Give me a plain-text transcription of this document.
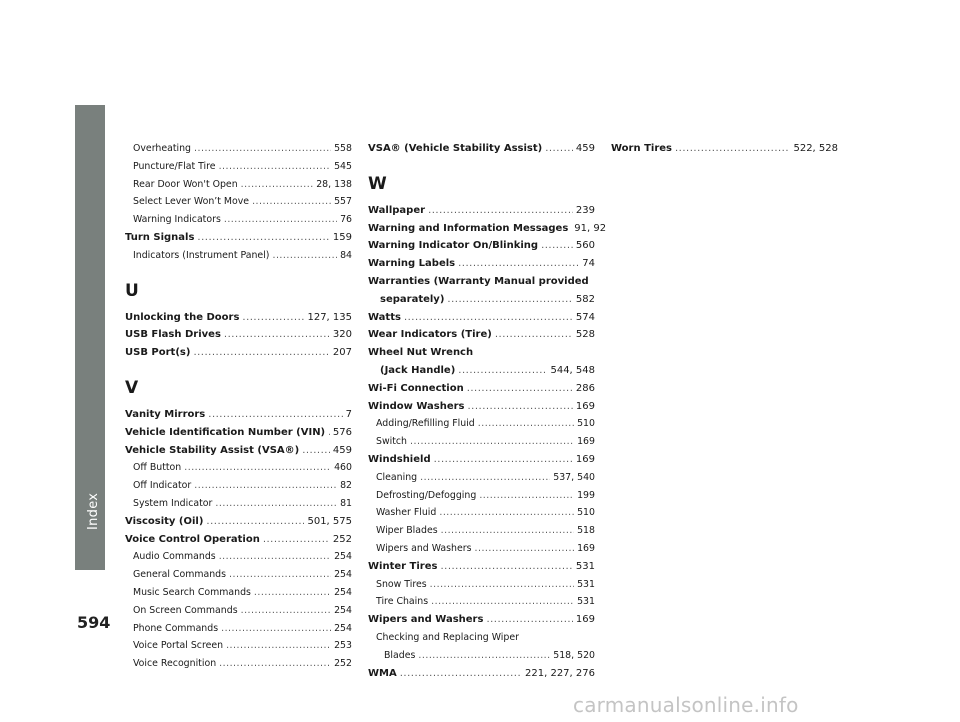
Index
Overheating .....	558
Puncture/Flat Tire .....	545
Rear Door Won't Open .....	28, 138
Select Lever Won’t Move .....	557
Warning Indicators .....	76
Turn Signals .....	159
Indicators (Instrument Panel) .....	84
U
Unlocking the Doors .....	127, 135
USB Flash Drives .....	320
USB Port(s) .....	207
V
Vanity Mirrors .....	7
Vehicle Identification Number (VIN) ..... 576
Vehicle Stability Assist (VSA®) .....	459
Off Button .....	460
Off Indicator .....	82
System Indicator .....	81
Viscosity (Oil) .....	501, 575
Voice Control Operation .....	252
Audio Commands .....	254
General Commands .....	254
Music Search Commands .....	254
On Screen Commands .....	254
Phone Commands .....	254
Voice Portal Screen .....	253
Voice Recognition .....	252
VSA® (Vehicle Stability Assist) .....	459
W
Wallpaper .....	239
Warning and Information Messages 91, 92
Warning Indicator On/Blinking .....	560
Warning Labels .....	74
Warranties (Warranty Manual provided
separately) .....	582
Watts .....	574
Wear Indicators (Tire) .....	528
Wheel Nut Wrench
(Jack Handle) .....	544, 548
Wi-Fi Connection .....	286
Window Washers .....	169
Adding/Refilling Fluid .....	510
Switch .....	169
Windshield .....	169
Cleaning .....	537, 540
Defrosting/Defogging .....	199
Washer Fluid .....	510
Wiper Blades .....	518
Wipers and Washers .....	169
Winter Tires .....	531
Snow Tires .....	531
Tire Chains .....	531
Wipers and Washers .....	169
Checking and Replacing Wiper
Blades .....	518, 520
WMA .....	221, 227, 276
Worn Tires .....	522, 528
594
carmanualsonline.info
